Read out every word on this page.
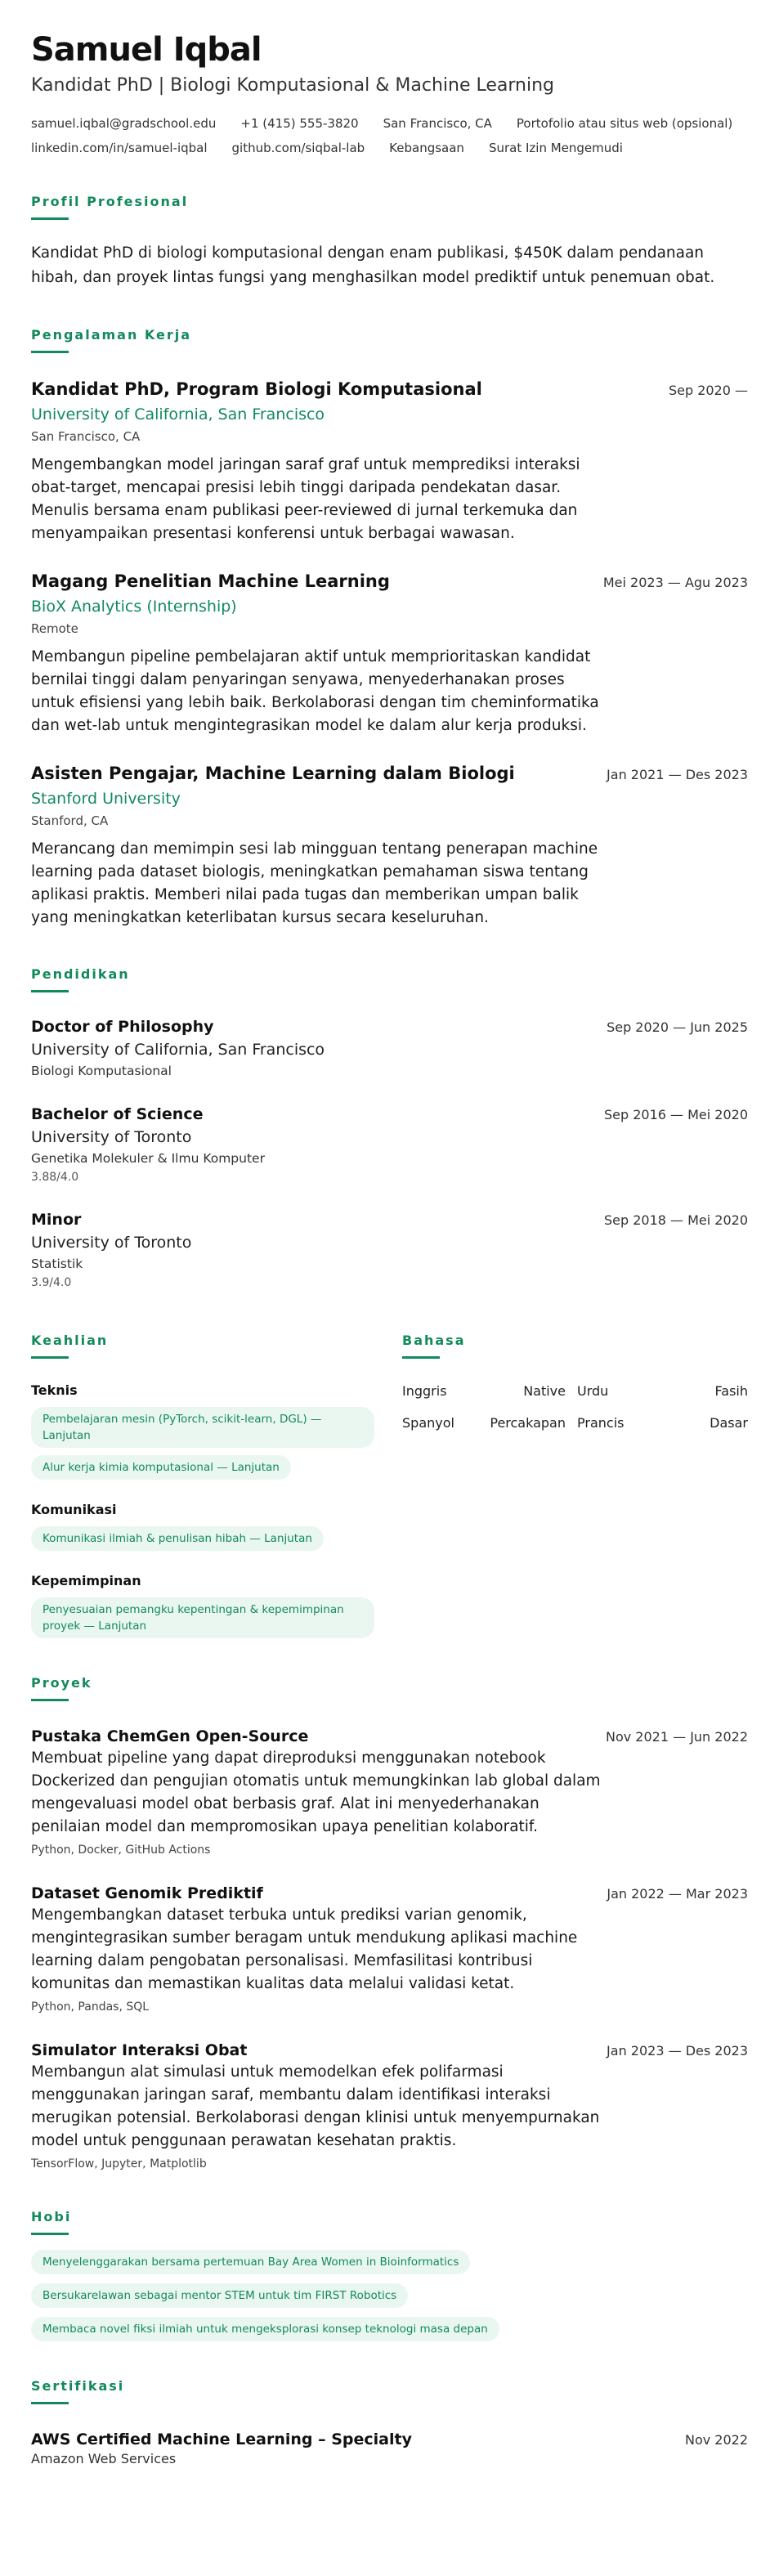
Samuel Iqbal
Kandidat PhD | Biologi Komputasional & Machine Learning
samuel.iqbal@gradschool.edu +1 (415) 555-3820 San Francisco, CA Portofolio atau situs web (opsional)
linkedin.com/in/samuel-iqbal github.com/siqbal-lab Kebangsaan Surat Izin Mengemudi
Profil Profesional
Kandidat PhD di biologi komputasional dengan enam publikasi, $450K dalam pendanaan hibah, dan proyek lintas fungsi yang menghasilkan model prediktif untuk penemuan obat.
Pengalaman Kerja
Kandidat PhD, Program Biologi Komputasional	Sep 2020 —
University of California, San Francisco
San Francisco, CA
Mengembangkan model jaringan saraf graf untuk memprediksi interaksi obat-target, mencapai presisi lebih tinggi daripada pendekatan dasar. Menulis bersama enam publikasi peer-reviewed di jurnal terkemuka dan menyampaikan presentasi konferensi untuk berbagai wawasan.
Magang Penelitian Machine Learning	Mei 2023 — Agu 2023
BioX Analytics (Internship)
Remote
Membangun pipeline pembelajaran aktif untuk memprioritaskan kandidat bernilai tinggi dalam penyaringan senyawa, menyederhanakan proses untuk efisiensi yang lebih baik. Berkolaborasi dengan tim cheminformatika dan wet-lab untuk mengintegrasikan model ke dalam alur kerja produksi.
Asisten Pengajar, Machine Learning dalam Biologi	Jan 2021 — Des 2023
Stanford University
Stanford, CA
Merancang dan memimpin sesi lab mingguan tentang penerapan machine learning pada dataset biologis, meningkatkan pemahaman siswa tentang aplikasi praktis. Memberi nilai pada tugas dan memberikan umpan balik yang meningkatkan keterlibatan kursus secara keseluruhan.
Pendidikan
Doctor of Philosophy	Sep 2020 — Jun 2025
University of California, San Francisco
Biologi Komputasional
Bachelor of Science	Sep 2016 — Mei 2020
University of Toronto
Genetika Molekuler & Ilmu Komputer
3.88/4.0
Minor	Sep 2018 — Mei 2020
University of Toronto
Statistik
3.9/4.0
Keahlian
Teknis
Pembelajaran mesin (PyTorch, scikit-learn, DGL) — Lanjutan
Alur kerja kimia komputasional — Lanjutan
Komunikasi
Komunikasi ilmiah & penulisan hibah — Lanjutan
Kepemimpinan
Penyesuaian pemangku kepentingan & kepemimpinan proyek — Lanjutan
Bahasa
Inggris	Native Urdu	Fasih
Spanyol	Percakapan Prancis	Dasar
Proyek
Pustaka ChemGen Open-Source	Nov 2021 — Jun 2022
Membuat pipeline yang dapat direproduksi menggunakan notebook Dockerized dan pengujian otomatis untuk memungkinkan lab global dalam mengevaluasi model obat berbasis graf. Alat ini menyederhanakan penilaian model dan mempromosikan upaya penelitian kolaboratif.
Python, Docker, GitHub Actions
Dataset Genomik Prediktif	Jan 2022 — Mar 2023
Mengembangkan dataset terbuka untuk prediksi varian genomik, mengintegrasikan sumber beragam untuk mendukung aplikasi machine learning dalam pengobatan personalisasi. Memfasilitasi kontribusi komunitas dan memastikan kualitas data melalui validasi ketat.
Python, Pandas, SQL
Simulator Interaksi Obat	Jan 2023 — Des 2023
Membangun alat simulasi untuk memodelkan efek polifarmasi menggunakan jaringan saraf, membantu dalam identifikasi interaksi merugikan potensial. Berkolaborasi dengan klinisi untuk menyempurnakan model untuk penggunaan perawatan kesehatan praktis.
TensorFlow, Jupyter, Matplotlib
Hobi
Menyelenggarakan bersama pertemuan Bay Area Women in Bioinformatics
Bersukarelawan sebagai mentor STEM untuk tim FIRST Robotics
Membaca novel fiksi ilmiah untuk mengeksplorasi konsep teknologi masa depan
Sertifikasi
AWS Certified Machine Learning – Specialty	Nov 2022
Amazon Web Services
